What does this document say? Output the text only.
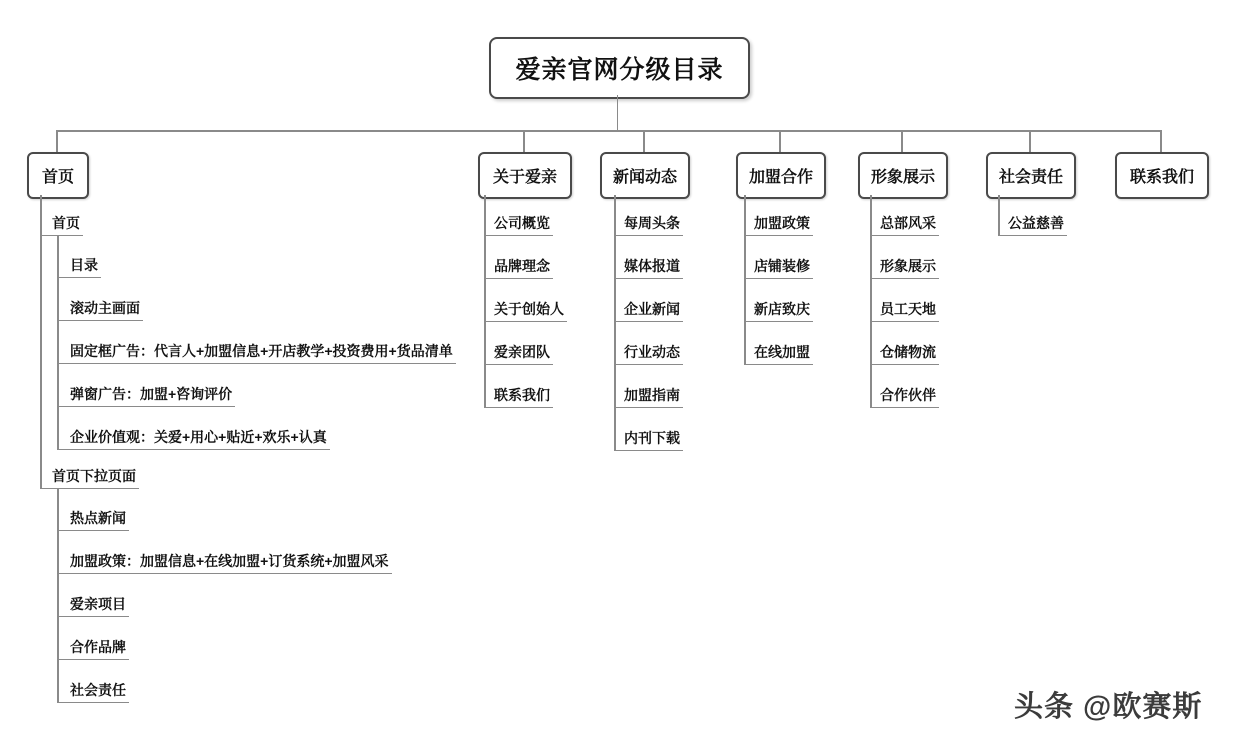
爱亲官网分级目录
头条 @欧赛斯
首页
首页
目录
滚动主画面
固定框广告：代言人+加盟信息+开店教学+投资费用+货品清单
弹窗广告：加盟+咨询评价
企业价值观：关爱+用心+贴近+欢乐+认真
首页下拉页面
热点新闻
加盟政策：加盟信息+在线加盟+订货系统+加盟风采
爱亲项目
合作品牌
社会责任
关于爱亲
公司概览
品牌理念
关于创始人
爱亲团队
联系我们
新闻动态
每周头条
媒体报道
企业新闻
行业动态
加盟指南
内刊下载
加盟合作
加盟政策
店铺装修
新店致庆
在线加盟
形象展示
总部风采
形象展示
员工天地
仓储物流
合作伙伴
社会责任
公益慈善
联系我们
